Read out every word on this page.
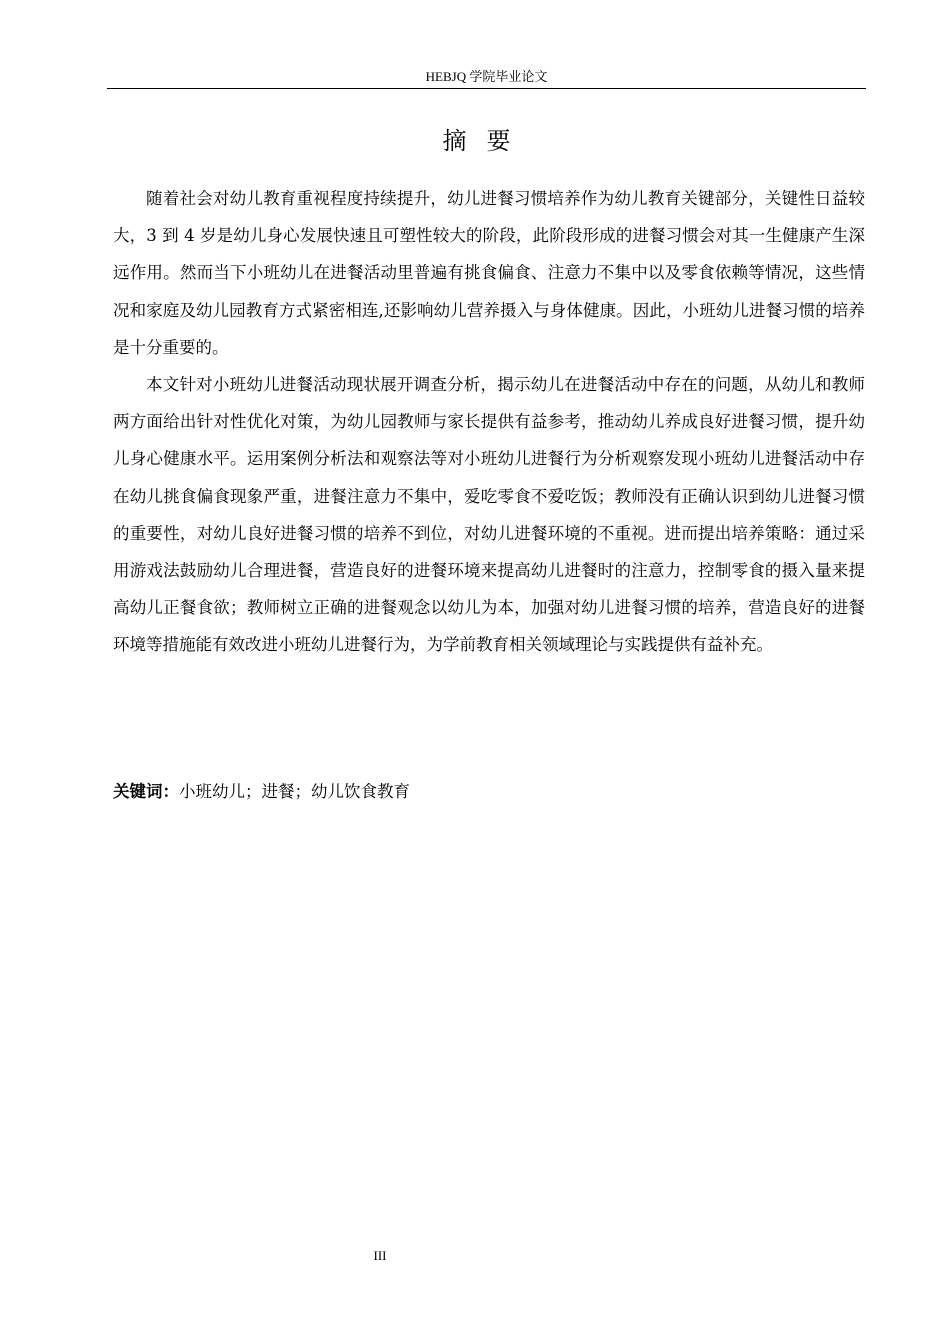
HEBJQ 学院毕业论文
摘要

随着社会对幼儿教育重视程度持续提升，幼儿进餐习惯培养作为幼儿教育关键部分，关键性日益较大，3 到 4 岁是幼儿身心发展快速且可塑性较大的阶段，此阶段形成的进餐习惯会对其一生健康产生深远作用。然而当下小班幼儿在进餐活动里普遍有挑食偏食、注意力不集中以及零食依赖等情况，这些情况和家庭及幼儿园教育方式紧密相连,还影响幼儿营养摄入与身体健康。因此，小班幼儿进餐习惯的培养是十分重要的。

本文针对小班幼儿进餐活动现状展开调查分析，揭示幼儿在进餐活动中存在的问题，从幼儿和教师两方面给出针对性优化对策，为幼儿园教师与家长提供有益参考，推动幼儿养成良好进餐习惯，提升幼儿身心健康水平。运用案例分析法和观察法等对小班幼儿进餐行为分析观察发现小班幼儿进餐活动中存在幼儿挑食偏食现象严重，进餐注意力不集中，爱吃零食不爱吃饭；教师没有正确认识到幼儿进餐习惯的重要性，对幼儿良好进餐习惯的培养不到位，对幼儿进餐环境的不重视。进而提出培养策略：通过采用游戏法鼓励幼儿合理进餐，营造良好的进餐环境来提高幼儿进餐时的注意力，控制零食的摄入量来提高幼儿正餐食欲；教师树立正确的进餐观念以幼儿为本，加强对幼儿进餐习惯的培养，营造良好的进餐环境等措施能有效改进小班幼儿进餐行为，为学前教育相关领域理论与实践提供有益补充。

关键词：小班幼儿；进餐；幼儿饮食教育
III
